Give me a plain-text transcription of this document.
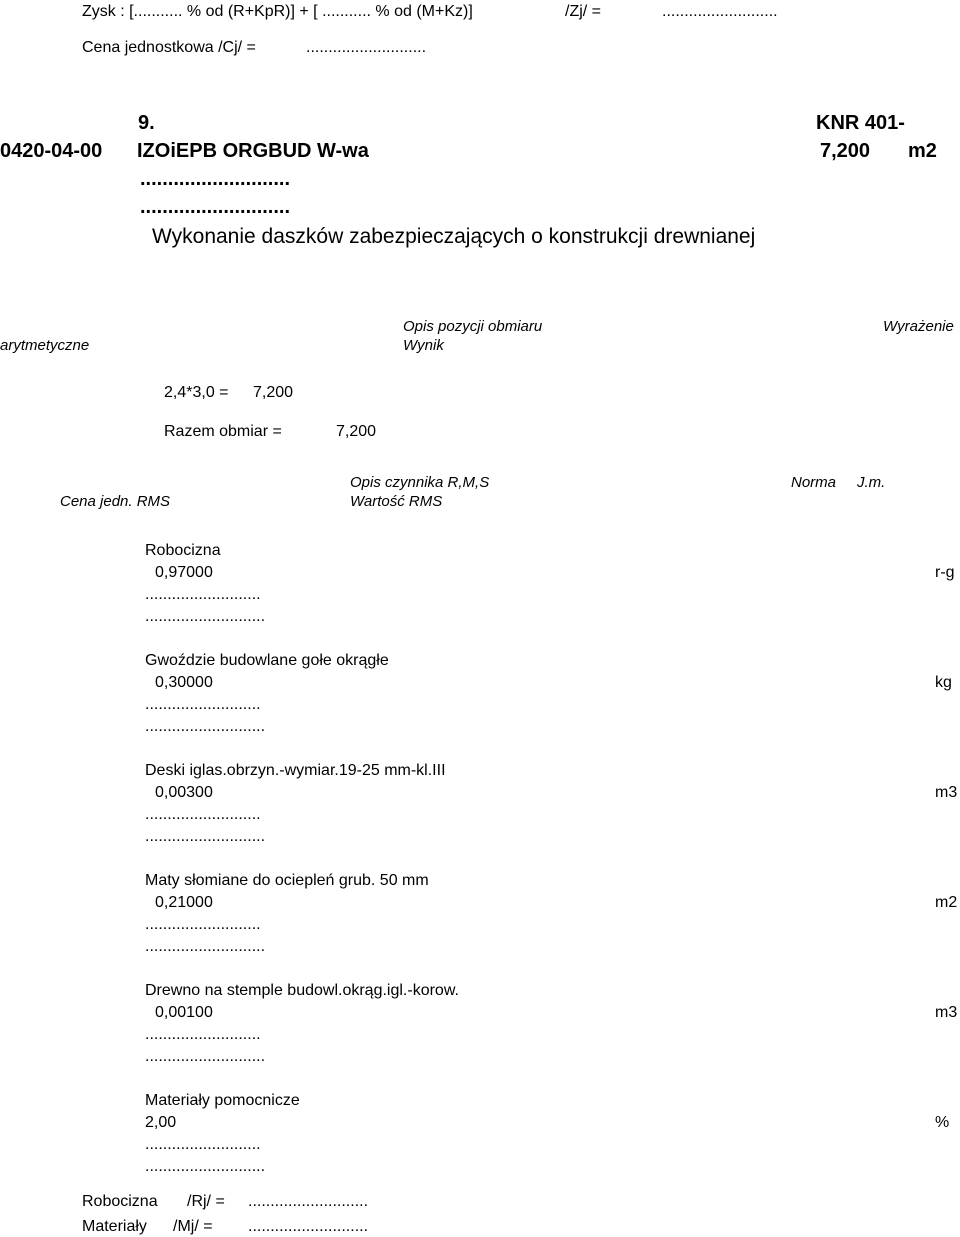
Zysk : [........... % od (R+KpR)] + [ ........... % od (M+Kz)]	/Zj/ =	..........................
Cena jednostkowa /Cj/ =	...........................
9.	KNR 401-
0420-04-00 IZOiEPB ORGBUD W-wa	7,200 m2
...........................
...........................
Wykonanie daszków zabezpieczających o konstrukcji drewnianej
Opis pozycji obmiaru	Wyrażenie
arytmetyczne	Wynik
2,4*3,0 = 7,200
Razem obmiar =	7,200
Opis czynnika R,M,S	Norma J.m.
Cena jedn. RMS	Wartość RMS
Robocizna
0,97000	r-g
..........................
...........................
Gwoździe budowlane gołe okrągłe
0,30000	kg
..........................
...........................
Deski iglas.obrzyn.-wymiar.19-25 mm-kl.III
0,00300	m3
..........................
...........................
Maty słomiane do ociepleń grub. 50 mm
0,21000	m2
..........................
...........................
Drewno na stemple budowl.okrąg.igl.-korow.
0,00100	m3
..........................
...........................
Materiały pomocnicze
2,00	%
..........................
...........................
Robocizna /Rj/ = ...........................
Materiały /Mj/ = ...........................
